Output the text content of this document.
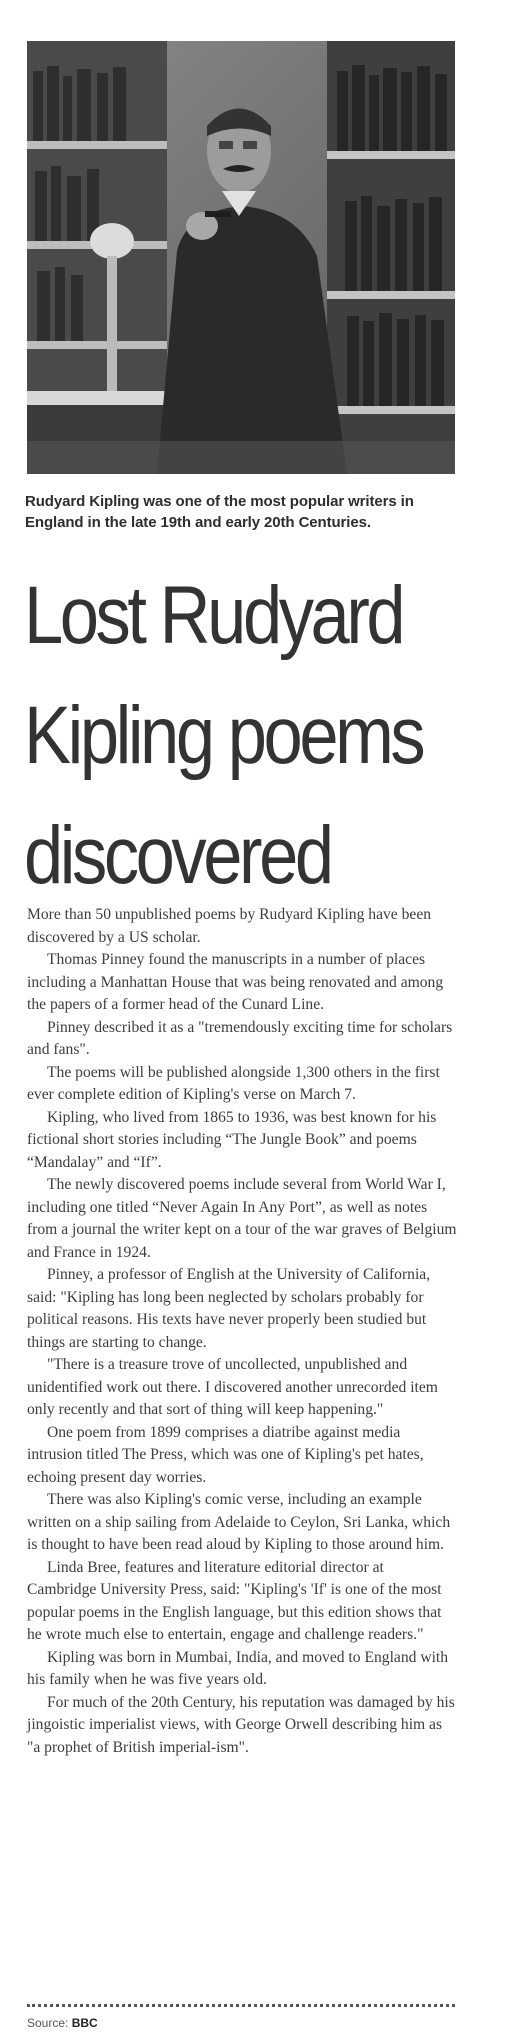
Rudyard Kipling was one of the most popular writers in England in the late 19th and early 20th Centuries.
Lost Rudyard
Kipling poems
discovered

More than 50 unpublished poems by Rudyard Kipling have been discovered by a US scholar.

Thomas Pinney found the manuscripts in a number of places including a Manhattan House that was being renovated and among the papers of a former head of the Cunard Line.

Pinney described it as a "tremendously exciting time for scholars and fans".

The poems will be published alongside 1,300 others in the first ever complete edition of Kipling's verse on March 7.

Kipling, who lived from 1865 to 1936, was best known for his fictional short stories including “The Jungle Book” and poems “Mandalay” and “If”.

The newly discovered poems include several from World War I, including one titled “Never Again In Any Port”, as well as notes from a journal the writer kept on a tour of the war graves of Belgium and France in 1924.

Pinney, a professor of English at the University of California, said: "Kipling has long been neglected by scholars probably for political reasons. His texts have never properly been studied but things are starting to change.

"There is a treasure trove of uncollected, unpublished and unidentified work out there. I discovered another unrecorded item only recently and that sort of thing will keep happening."

One poem from 1899 comprises a diatribe against media intrusion titled The Press, which was one of Kipling's pet hates, echoing present day worries.

There was also Kipling's comic verse, including an example written on a ship sailing from Adelaide to Ceylon, Sri Lanka, which is thought to have been read aloud by Kipling to those around him.

Linda Bree, features and literature editorial director at Cambridge University Press, said: "Kipling's 'If' is one of the most popular poems in the English language, but this edition shows that he wrote much else to entertain, engage and challenge readers."

Kipling was born in Mumbai, India, and moved to England with his family when he was five years old.

For much of the 20th Century, his reputation was damaged by his jingoistic imperialist views, with George Orwell describing him as "a prophet of British imperial-ism".

Source: BBC
